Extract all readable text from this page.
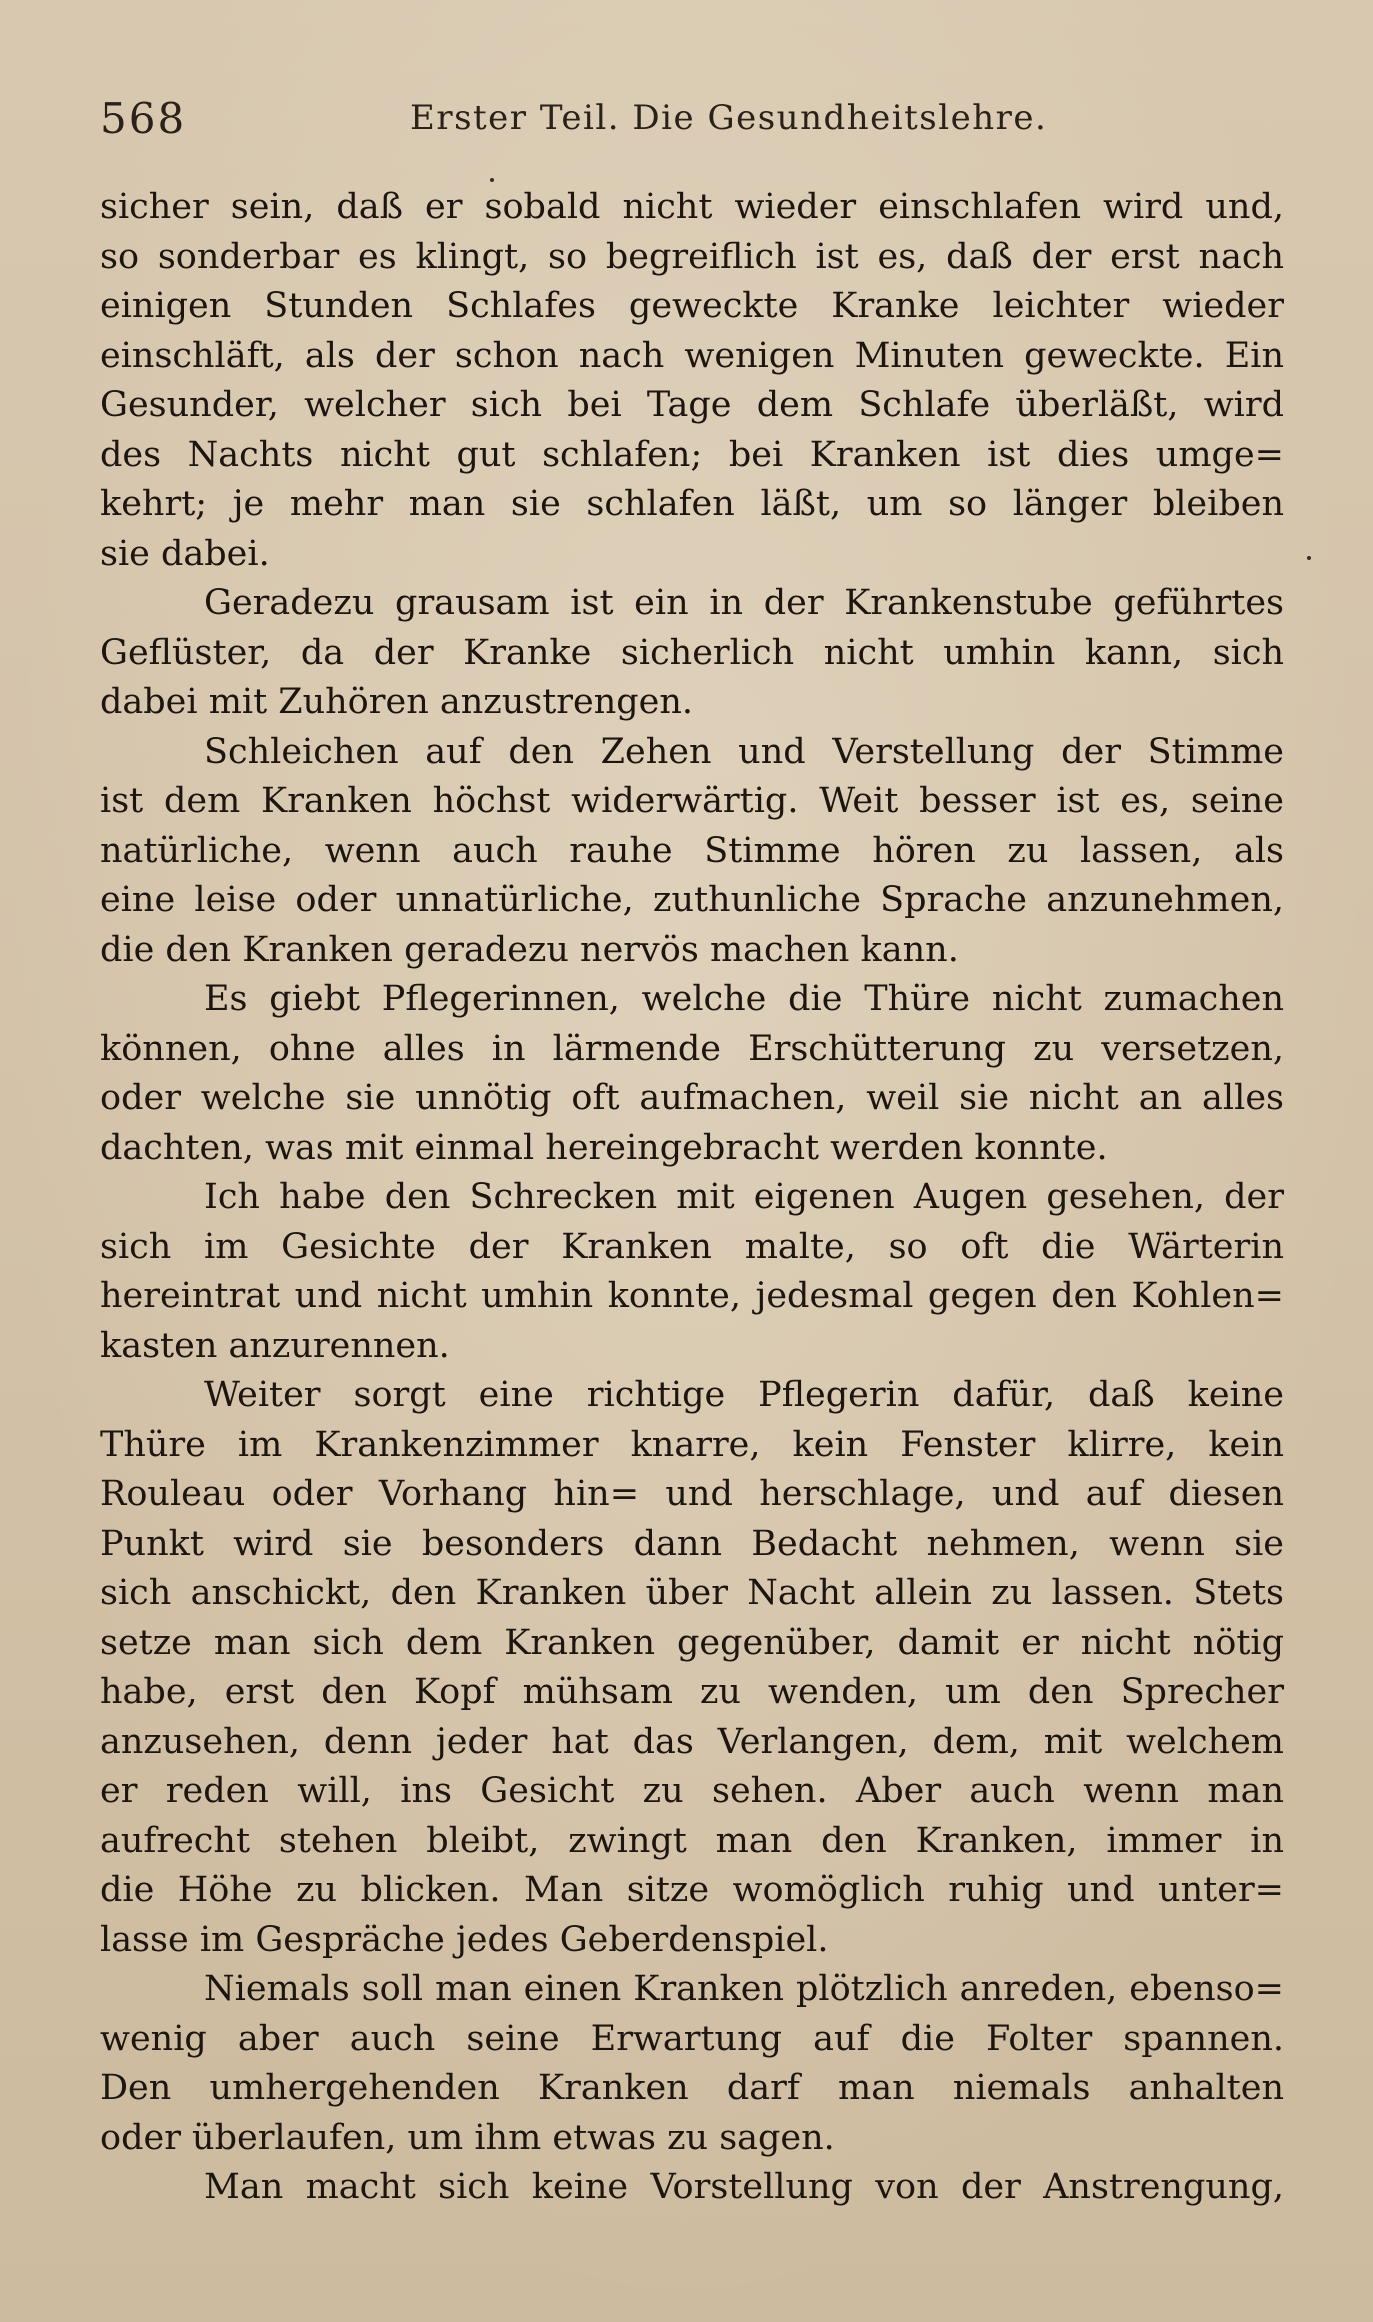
568	Erster Teil. Die Gesundheitslehre.
sicher sein, daß er sobald nicht wieder einschlafen wird und,
so sonderbar es klingt, so begreiflich ist es, daß der erst nach
einigen Stunden Schlafes geweckte Kranke leichter wieder
einschläft, als der schon nach wenigen Minuten geweckte. Ein
Gesunder, welcher sich bei Tage dem Schlafe überläßt, wird
des Nachts nicht gut schlafen; bei Kranken ist dies umge=
kehrt; je mehr man sie schlafen läßt, um so länger bleiben
sie dabei.
Geradezu grausam ist ein in der Krankenstube geführtes
Geflüster, da der Kranke sicherlich nicht umhin kann, sich
dabei mit Zuhören anzustrengen.
Schleichen auf den Zehen und Verstellung der Stimme
ist dem Kranken höchst widerwärtig. Weit besser ist es, seine
natürliche, wenn auch rauhe Stimme hören zu lassen, als
eine leise oder unnatürliche, zuthunliche Sprache anzunehmen,
die den Kranken geradezu nervös machen kann.
Es giebt Pflegerinnen, welche die Thüre nicht zumachen
können, ohne alles in lärmende Erschütterung zu versetzen,
oder welche sie unnötig oft aufmachen, weil sie nicht an alles
dachten, was mit einmal hereingebracht werden konnte.
Ich habe den Schrecken mit eigenen Augen gesehen, der
sich im Gesichte der Kranken malte, so oft die Wärterin
hereintrat und nicht umhin konnte, jedesmal gegen den Kohlen=
kasten anzurennen.
Weiter sorgt eine richtige Pflegerin dafür, daß keine
Thüre im Krankenzimmer knarre, kein Fenster klirre, kein
Rouleau oder Vorhang hin= und herschlage, und auf diesen
Punkt wird sie besonders dann Bedacht nehmen, wenn sie
sich anschickt, den Kranken über Nacht allein zu lassen. Stets
setze man sich dem Kranken gegenüber, damit er nicht nötig
habe, erst den Kopf mühsam zu wenden, um den Sprecher
anzusehen, denn jeder hat das Verlangen, dem, mit welchem
er reden will, ins Gesicht zu sehen. Aber auch wenn man
aufrecht stehen bleibt, zwingt man den Kranken, immer in
die Höhe zu blicken. Man sitze womöglich ruhig und unter=
lasse im Gespräche jedes Geberdenspiel.
Niemals soll man einen Kranken plötzlich anreden, ebenso=
wenig aber auch seine Erwartung auf die Folter spannen.
Den umhergehenden Kranken darf man niemals anhalten
oder überlaufen, um ihm etwas zu sagen.
Man macht sich keine Vorstellung von der Anstrengung,
